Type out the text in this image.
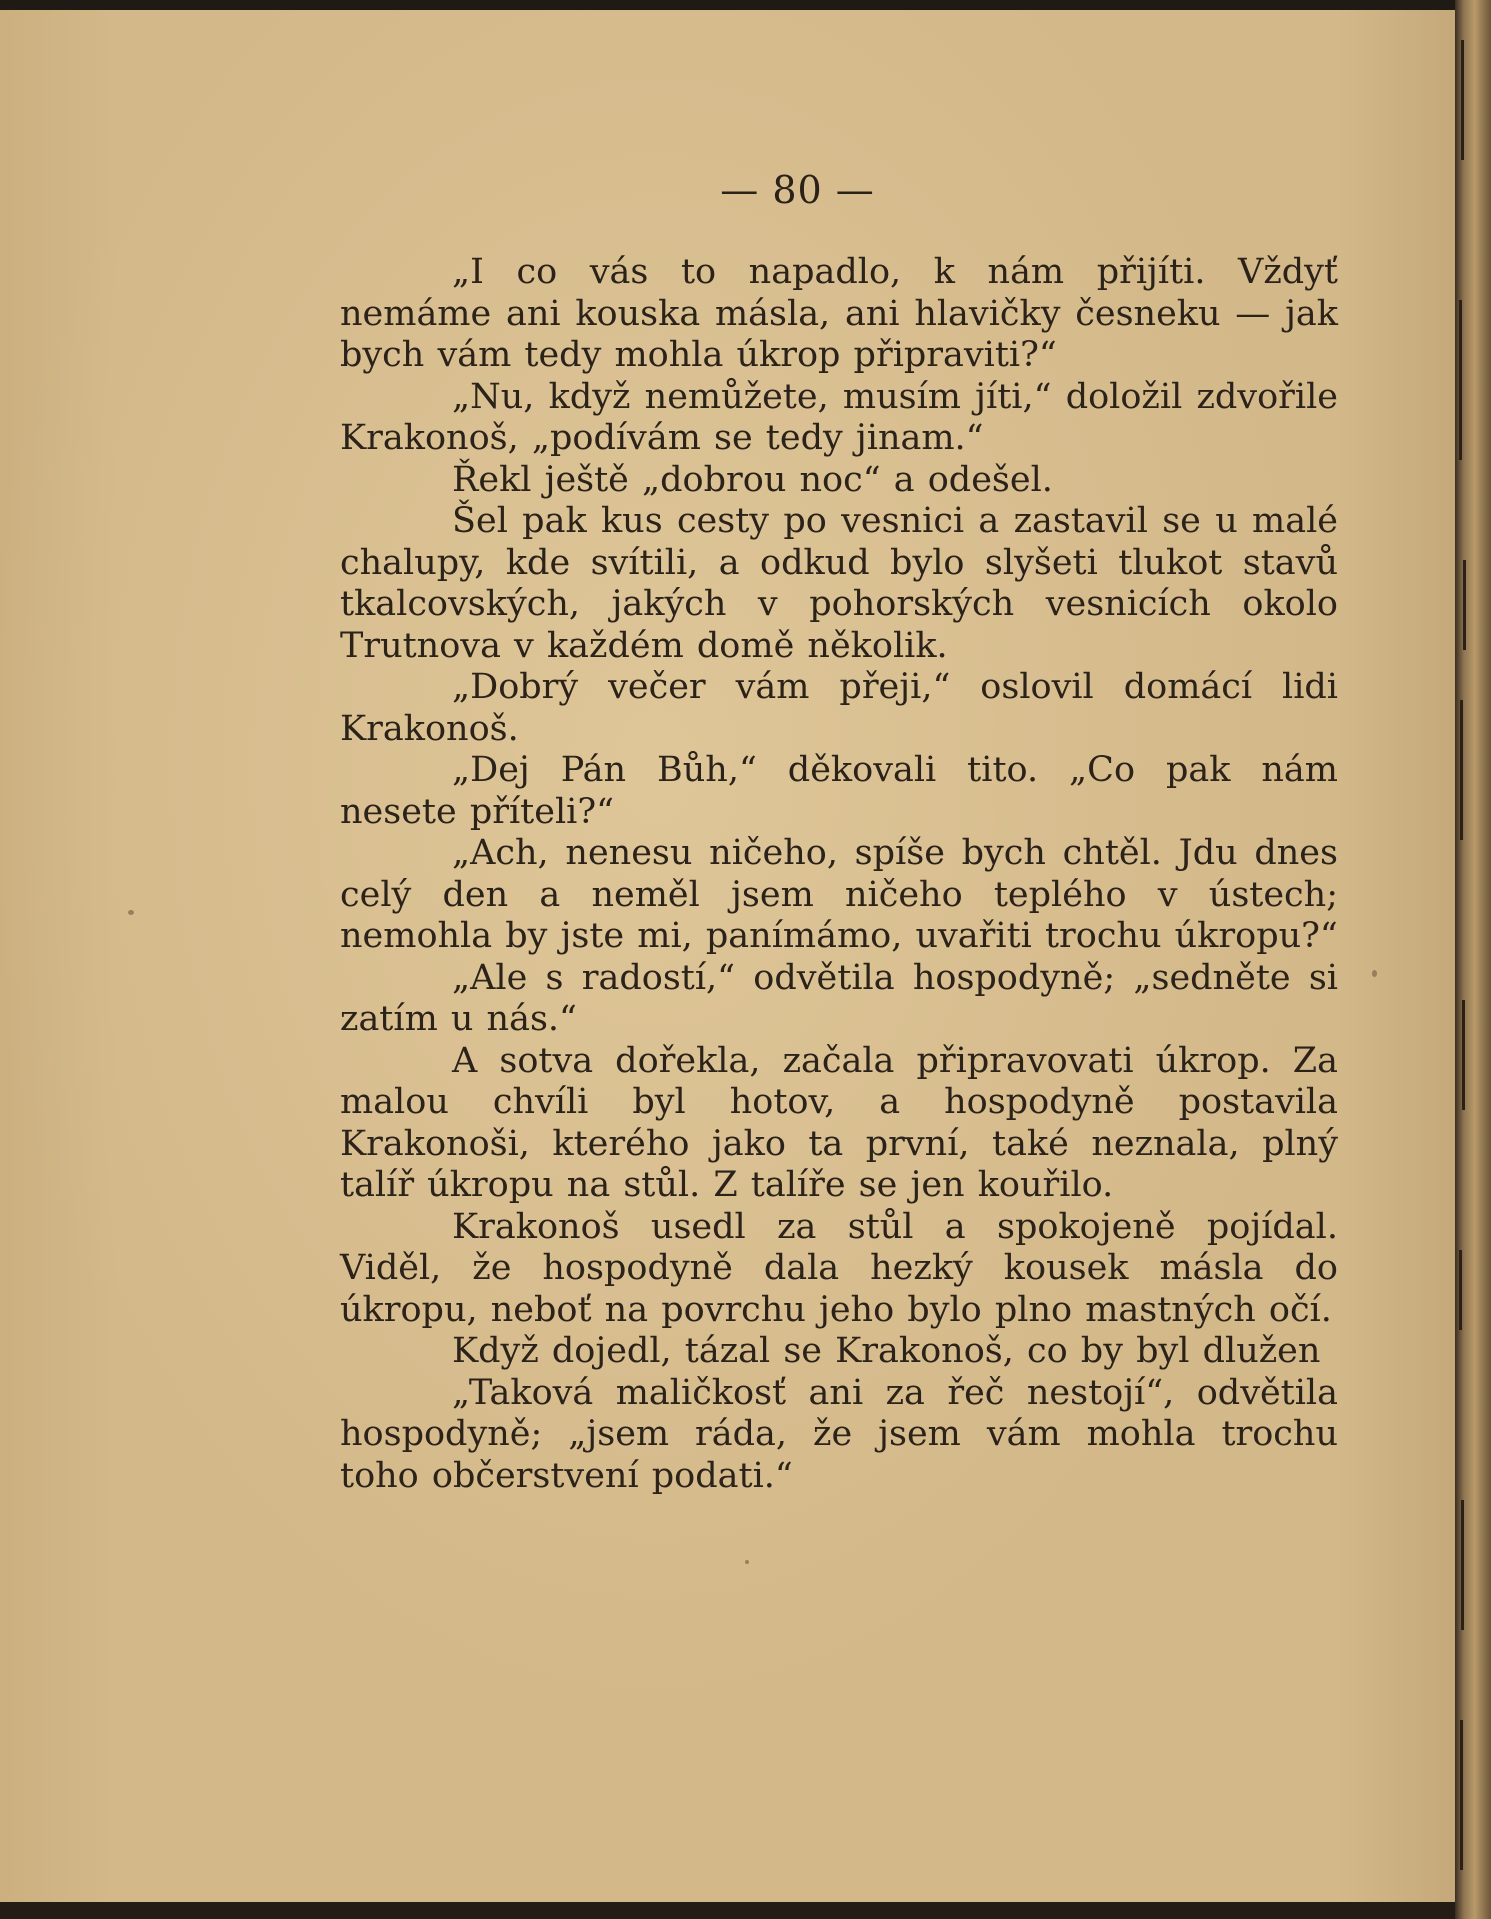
— 80 —

„I co vás to napadlo, k nám přijíti. Vždyť nemáme ani kouska másla, ani hlavičky česneku — jak bych vám tedy mohla úkrop připraviti?“

„Nu, když nemůžete, musím jíti,“ doložil zdvořile Krakonoš, „podívám se tedy jinam.“

Řekl ještě „dobrou noc“ a odešel.

Šel pak kus cesty po vesnici a zastavil se u malé chalupy, kde svítili, a odkud bylo slyšeti tlukot stavů tkalcovských, jakých v pohorských vesnicích okolo Trutnova v každém domě několik.

„Dobrý večer vám přeji,“ oslovil domácí lidi Krakonoš.

„Dej Pán Bůh,“ děkovali tito. „Co pak nám nesete příteli?“

„Ach, nenesu ničeho, spíše bych chtěl. Jdu dnes celý den a neměl jsem ničeho teplého v ústech; nemohla by jste mi, panímámo, uvařiti trochu úkropu?“

„Ale s radostí,“ odvětila hospodyně; „sedněte si zatím u nás.“

A sotva dořekla, začala připravovati úkrop. Za malou chvíli byl hotov, a hospodyně postavila Krakonoši, kterého jako ta první, také neznala, plný talíř úkropu na stůl. Z talíře se jen kouřilo.

Krakonoš usedl za stůl a spokojeně pojídal. Viděl, že hospodyně dala hezký kousek másla do úkropu, neboť na povrchu jeho bylo plno mastných očí.

Když dojedl, tázal se Krakonoš, co by byl dlužen

„Taková maličkosť ani za řeč nestojí“, odvětila hospodyně; „jsem ráda, že jsem vám mohla trochu toho občerstvení podati.“
